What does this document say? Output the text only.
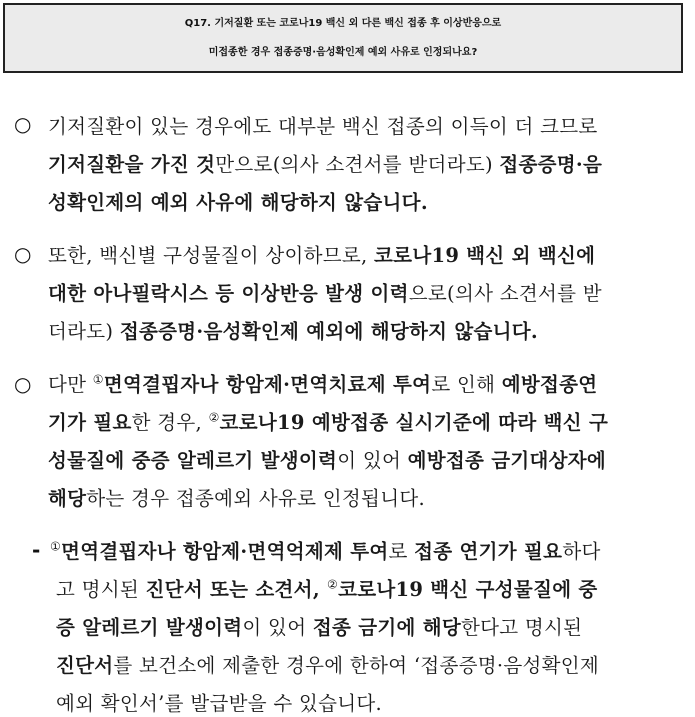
Q17. 기저질환 또는 코로나19 백신 외 다른 백신 접종 후 이상반응으로
미접종한 경우 접종증명·음성확인제 예외 사유로 인정되나요?
○ 기저질환이 있는 경우에도 대부분 백신 접종의 이득이 더 크므로
기저질환을 가진 것만으로(의사 소견서를 받더라도) 접종증명·음
성확인제의 예외 사유에 해당하지 않습니다.
○ 또한, 백신별 구성물질이 상이하므로, 코로나19 백신 외 백신에
대한 아나필락시스 등 이상반응 발생 이력으로(의사 소견서를 받
더라도) 접종증명·음성확인제 예외에 해당하지 않습니다.
○ 다만 ①면역결핍자나 항암제·면역치료제 투여로 인해 예방접종연
기가 필요한 경우, ②코로나19 예방접종 실시기준에 따라 백신 구
성물질에 중증 알레르기 발생이력이 있어 예방접종 금기대상자에
해당하는 경우 접종예외 사유로 인정됩니다.
- ①면역결핍자나 항암제·면역억제제 투여로 접종 연기가 필요하다
고 명시된 진단서 또는 소견서, ②코로나19 백신 구성물질에 중
증 알레르기 발생이력이 있어 접종 금기에 해당한다고 명시된
진단서를 보건소에 제출한 경우에 한하여 ‘접종증명·음성확인제
예외 확인서’를 발급받을 수 있습니다.
